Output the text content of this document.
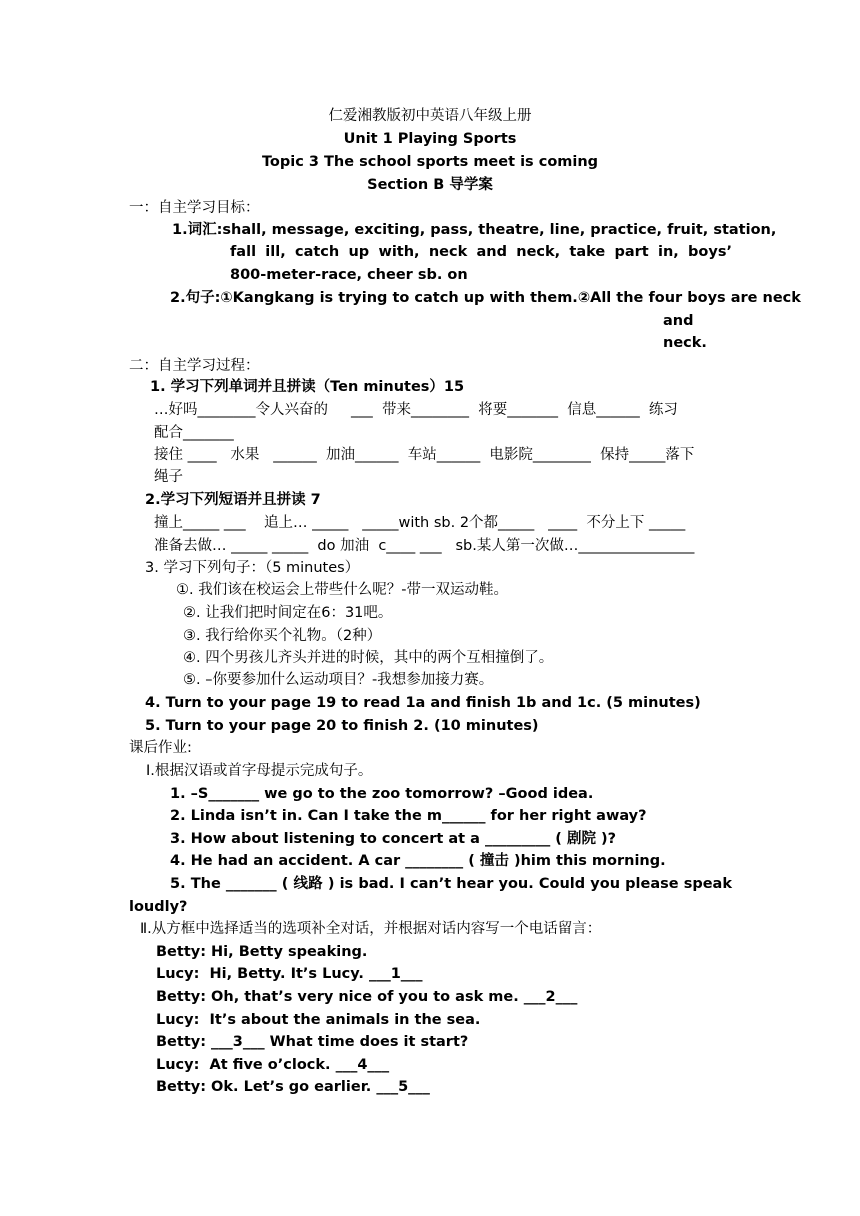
仁爱湘教版初中英语八年级上册
Unit 1 Playing Sports
Topic 3 The school sports meet is coming
Section B 导学案
一：自主学习目标：
1.词汇:shall, message, exciting, pass, theatre, line, practice, fruit, station,
fall ill, catch up with, neck and neck, take part in, boys’
800-meter-race, cheer sb. on
2.句子:①Kangkang is trying to catch up with them.②All the four boys are neck
and
neck.
二：自主学习过程：
1. 学习下列单词并且拼读（Ten minutes）15
…好吗________令人兴奋的     ___  带来________  将要_______  信息______  练习
配合_______
接住 ____   水果   ______  加油______  车站______  电影院________  保持_____落下
绳子
2.学习下列短语并且拼读 7
撞上_____ ___    追上… _____   _____with sb. 2个都_____   ____  不分上下 _____
准备去做… _____ _____  do 加油  c____ ___   sb.某人第一次做…________________
3. 学习下列句子：（5 minutes）
①. 我们该在校运会上带些什么呢？-带一双运动鞋。
②. 让我们把时间定在6：31吧。
③. 我行给你买个礼物。（2种）
④. 四个男孩儿齐头并进的时候，其中的两个互相撞倒了。
⑤. –你要参加什么运动项目？-我想参加接力赛。
4. Turn to your page 19 to read 1a and finish 1b and 1c. (5 minutes)
5. Turn to your page 20 to finish 2. (10 minutes)
课后作业:
Ⅰ.根据汉语或首字母提示完成句子。
1. –S_______ we go to the zoo tomorrow? –Good idea.
2. Linda isn’t in. Can I take the m______ for her right away?
3. How about listening to concert at a _________ ( 剧院 )?
4. He had an accident. A car ________ ( 撞击 )him this morning.
5. The _______ ( 线路 ) is bad. I can’t hear you. Could you please speak
loudly?
Ⅱ.从方框中选择适当的选项补全对话，并根据对话内容写一个电话留言：
Betty: Hi, Betty speaking.
Lucy:  Hi, Betty. It’s Lucy. ___1___
Betty: Oh, that’s very nice of you to ask me. ___2___
Lucy:  It’s about the animals in the sea.
Betty: ___3___ What time does it start?
Lucy:  At five o’clock. ___4___
Betty: Ok. Let’s go earlier. ___5___
